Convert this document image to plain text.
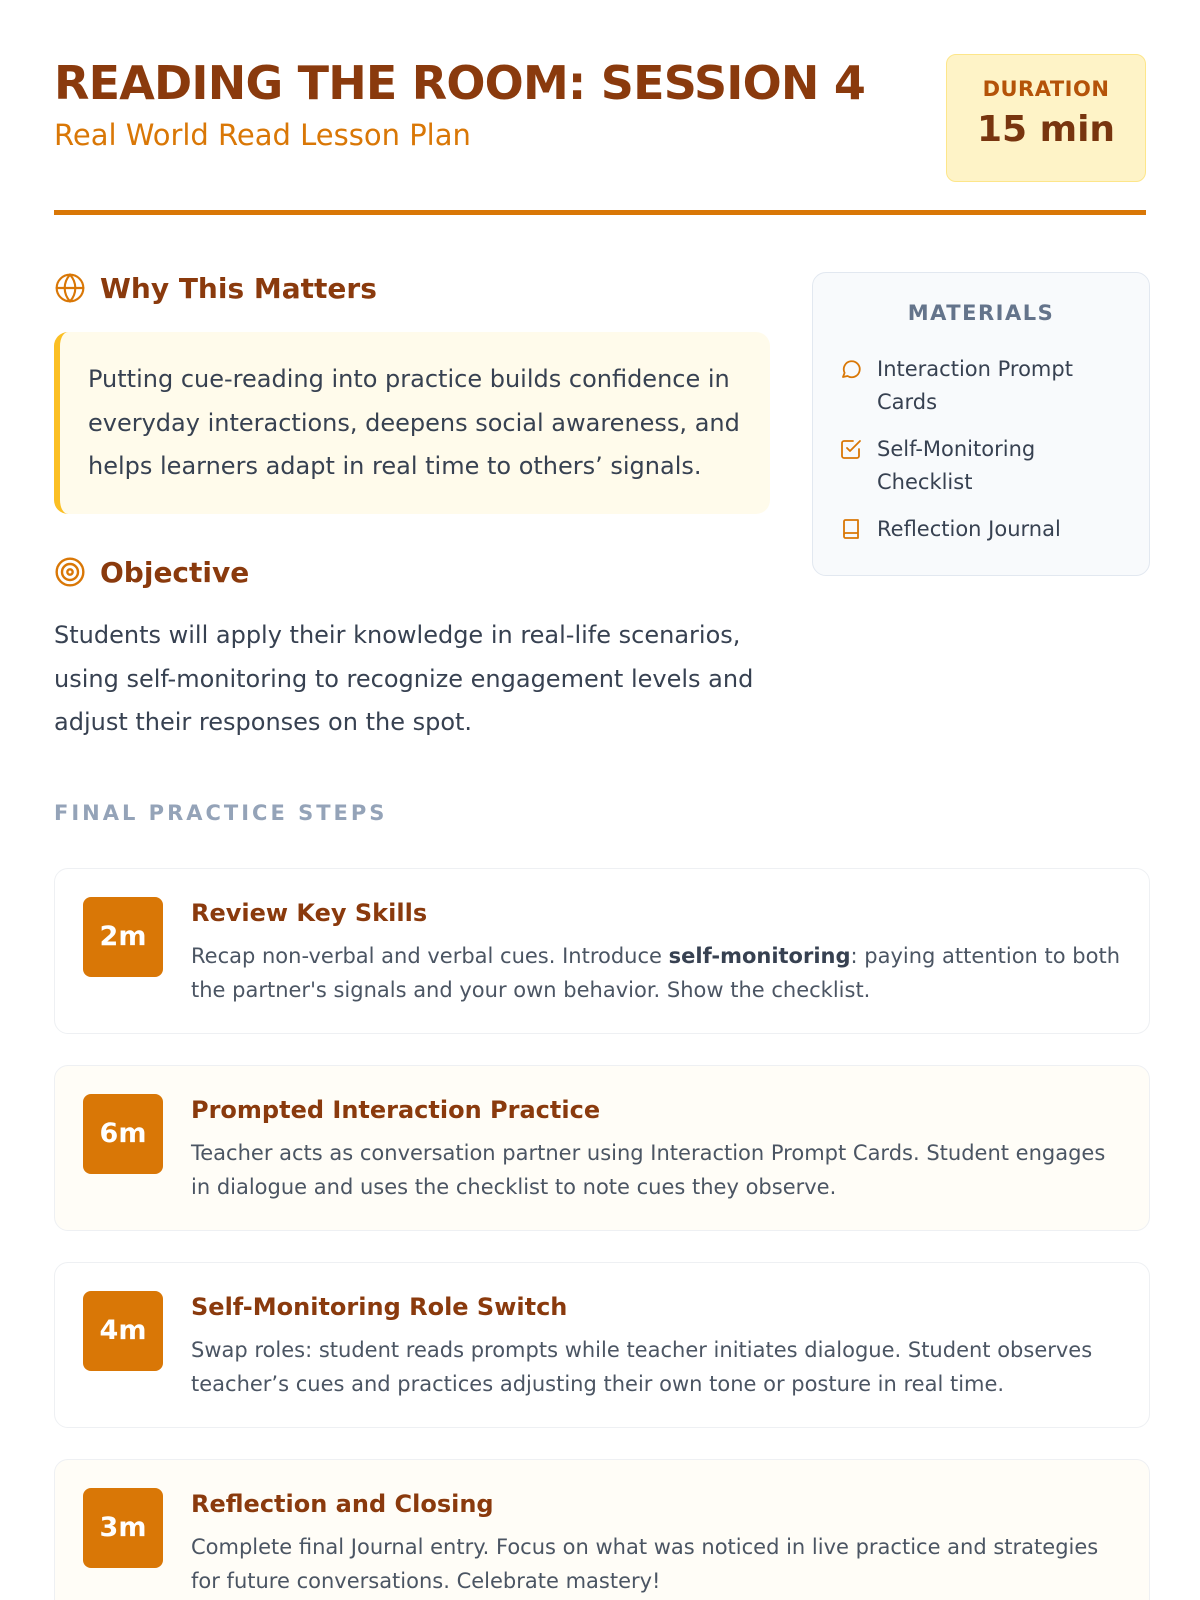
READING THE ROOM: SESSION 4
Real World Read Lesson Plan
DURATION
15 min
Why This Matters
Putting cue-reading into practice builds confidence in everyday interactions, deepens social awareness, and helps learners adapt in real time to others’ signals.
Objective

Students will apply their knowledge in real-life scenarios, using self-monitoring to recognize engagement levels and adjust their responses on the spot.

MATERIALS
Interaction Prompt Cards
Self-Monitoring Checklist
Reflection Journal
FINAL PRACTICE STEPS
2m
Review Key Skills

Recap non-verbal and verbal cues. Introduce self-monitoring: paying attention to both the partner's signals and your own behavior. Show the checklist.

6m
Prompted Interaction Practice

Teacher acts as conversation partner using Interaction Prompt Cards. Student engages in dialogue and uses the checklist to note cues they observe.

4m
Self-Monitoring Role Switch

Swap roles: student reads prompts while teacher initiates dialogue. Student observes teacher’s cues and practices adjusting their own tone or posture in real time.

3m
Reflection and Closing

Complete final Journal entry. Focus on what was noticed in live practice and strategies for future conversations. Celebrate mastery!
